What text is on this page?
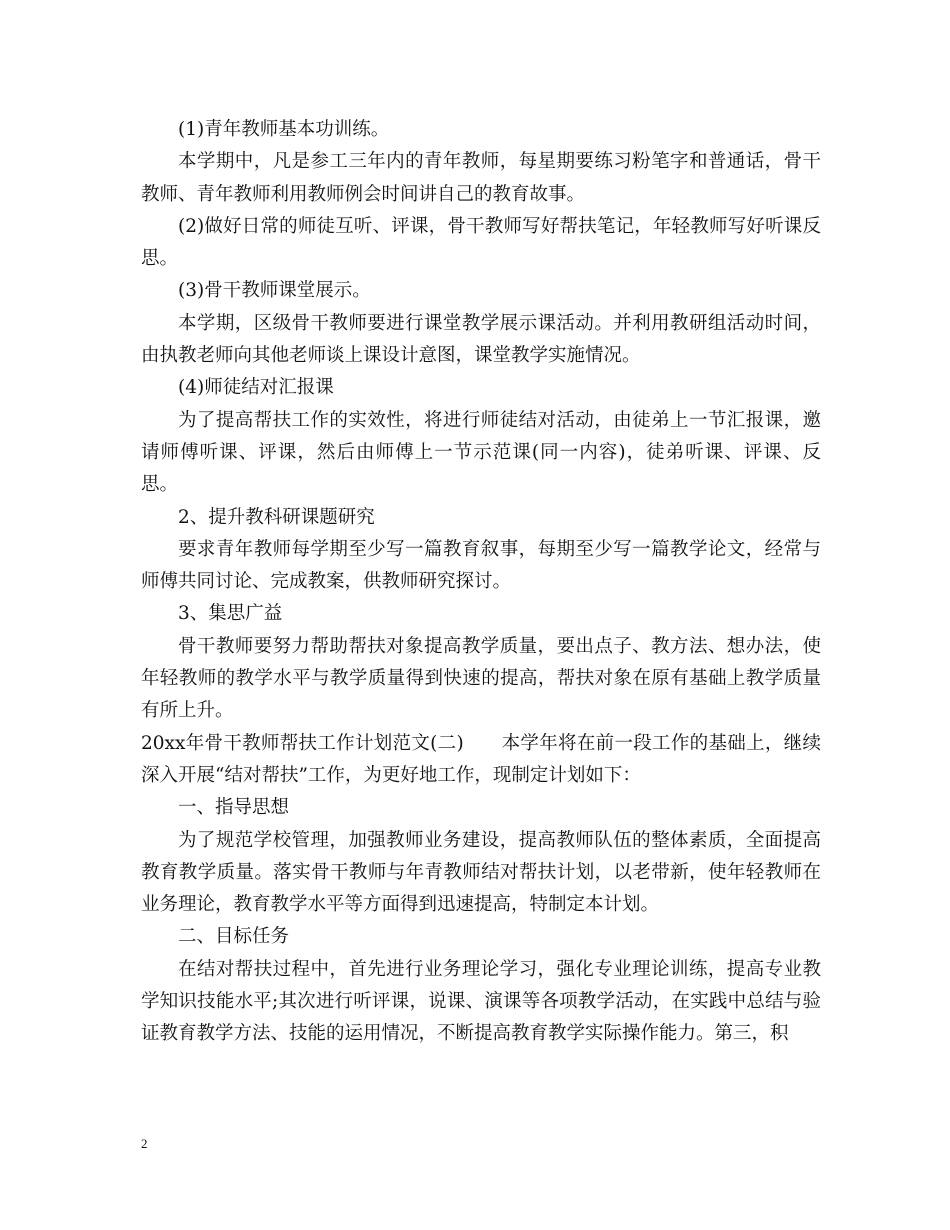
(1)青年教师基本功训练。

本学期中，凡是参工三年内的青年教师，每星期要练习粉笔字和普通话，骨干教师、青年教师利用教师例会时间讲自己的教育故事。

(2)做好日常的师徒互听、评课，骨干教师写好帮扶笔记，年轻教师写好听课反思。

(3)骨干教师课堂展示。

本学期，区级骨干教师要进行课堂教学展示课活动。并利用教研组活动时间，由执教老师向其他老师谈上课设计意图，课堂教学实施情况。

(4)师徒结对汇报课

为了提高帮扶工作的实效性，将进行师徒结对活动，由徒弟上一节汇报课，邀请师傅听课、评课，然后由师傅上一节示范课(同一内容)，徒弟听课、评课、反思。

2、提升教科研课题研究

要求青年教师每学期至少写一篇教育叙事，每期至少写一篇教学论文，经常与师傅共同讨论、完成教案，供教师研究探讨。

3、集思广益

骨干教师要努力帮助帮扶对象提高教学质量，要出点子、教方法、想办法，使年轻教师的教学水平与教学质量得到快速的提高，帮扶对象在原有基础上教学质量有所上升。

20xx年骨干教师帮扶工作计划范文(二)　　本学年将在前一段工作的基础上，继续深入开展“结对帮扶”工作，为更好地工作，现制定计划如下：

一、指导思想

为了规范学校管理，加强教师业务建设，提高教师队伍的整体素质，全面提高教育教学质量。落实骨干教师与年青教师结对帮扶计划，以老带新，使年轻教师在业务理论，教育教学水平等方面得到迅速提高，特制定本计划。

二、目标任务

在结对帮扶过程中，首先进行业务理论学习，强化专业理论训练，提高专业教学知识技能水平;其次进行听评课，说课、演课等各项教学活动，在实践中总结与验证教育教学方法、技能的运用情况，不断提高教育教学实际操作能力。第三，积

2
